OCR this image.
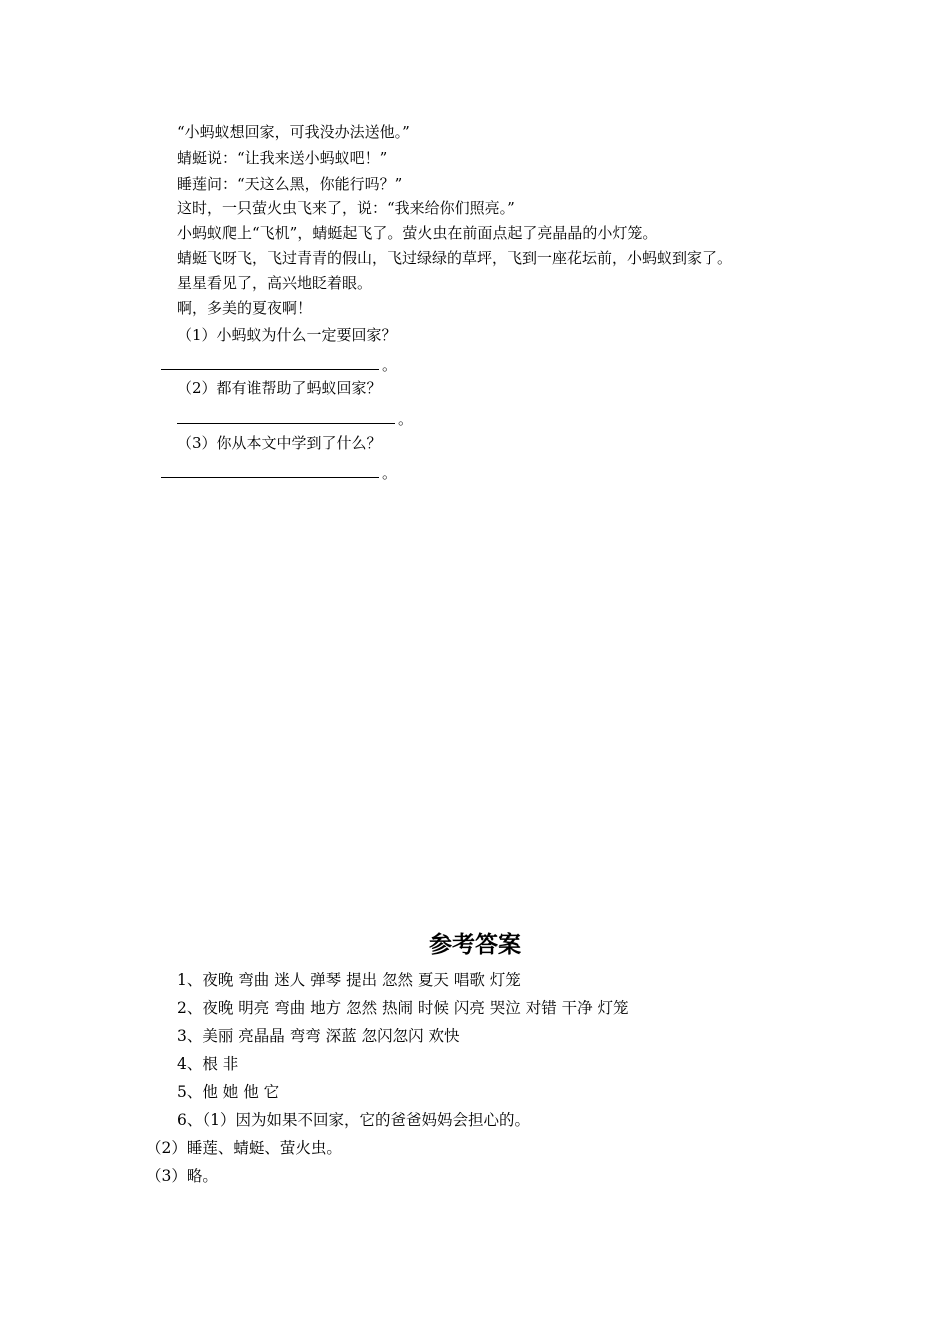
“小蚂蚁想回家，可我没办法送他。”
蜻蜓说：“让我来送小蚂蚁吧！”
睡莲问：“天这么黑，你能行吗？”
这时，一只萤火虫飞来了，说：“我来给你们照亮。”
小蚂蚁爬上“飞机”，蜻蜓起飞了。萤火虫在前面点起了亮晶晶的小灯笼。
蜻蜓飞呀飞，飞过青青的假山，飞过绿绿的草坪，飞到一座花坛前，小蚂蚁到家了。
星星看见了，高兴地眨着眼。
啊，多美的夏夜啊！
（1）小蚂蚁为什么一定要回家？
。
（2）都有谁帮助了蚂蚁回家？
。
（3）你从本文中学到了什么？
。
参考答案
1、夜晚 弯曲 迷人 弹琴 提出 忽然 夏天 唱歌 灯笼
2、夜晚 明亮 弯曲 地方 忽然 热闹 时候 闪亮 哭泣 对错 干净 灯笼
3、美丽 亮晶晶 弯弯 深蓝 忽闪忽闪 欢快
4、根 非
5、他 她 他 它
6、（1）因为如果不回家，它的爸爸妈妈会担心的。
（2）睡莲、蜻蜓、萤火虫。
（3）略。
